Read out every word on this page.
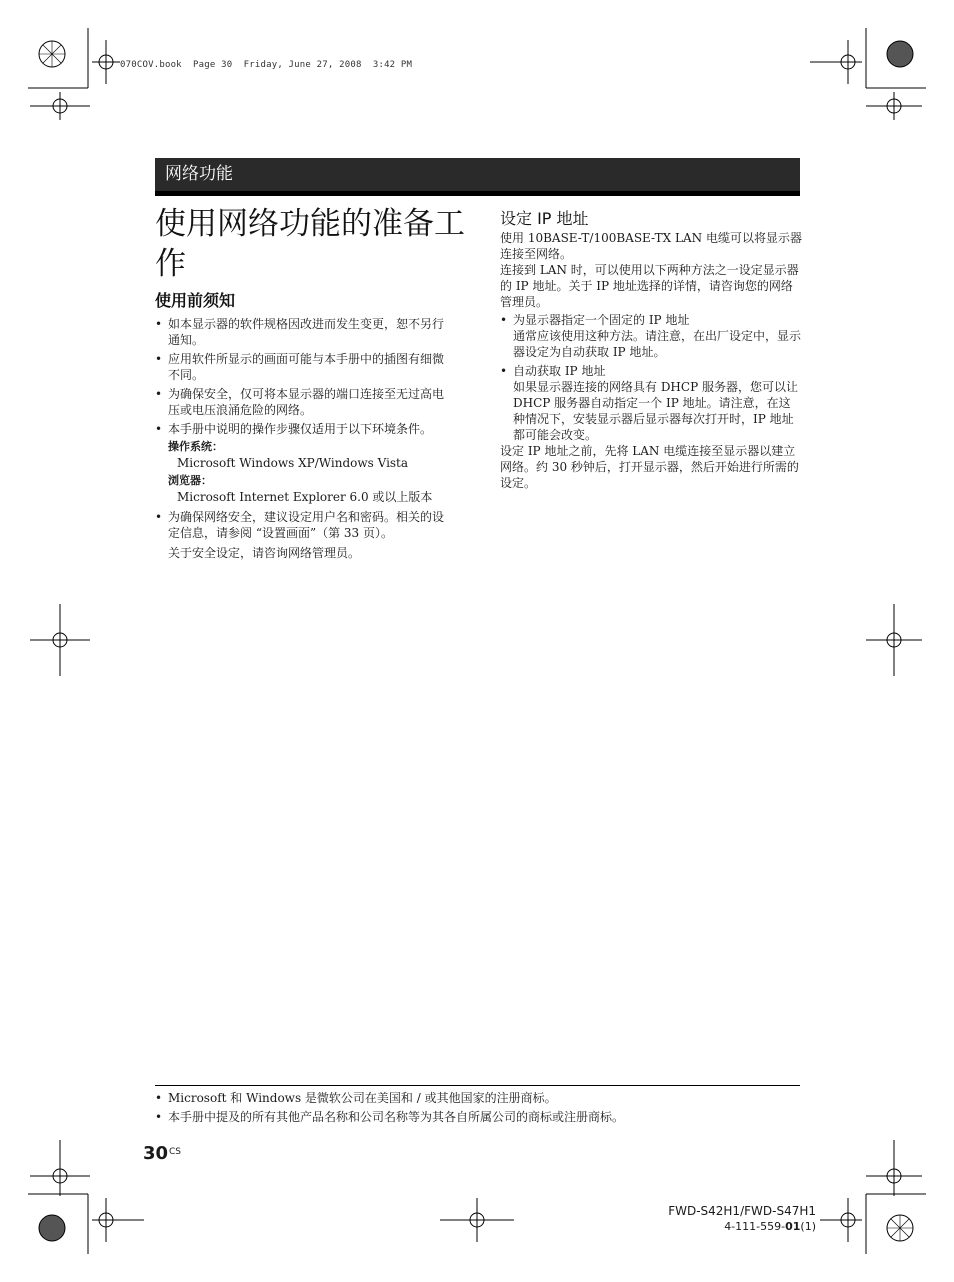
070COV.book  Page 30  Friday, June 27, 2008  3:42 PM
网络功能
使用网络功能的准备工作
使用前须知
• 如本显示器的软件规格因改进而发生变更，恕不另行通知。
• 应用软件所显示的画面可能与本手册中的插图有细微不同。
• 为确保安全，仅可将本显示器的端口连接至无过高电压或电压浪涌危险的网络。
• 本手册中说明的操作步骤仅适用于以下环境条件。
操作系统：
Microsoft Windows XP/Windows Vista
浏览器：
Microsoft Internet Explorer 6.0 或以上版本
• 为确保网络安全，建议设定用户名和密码。相关的设定信息，请参阅 “设置画面”（第 33 页）。
关于安全设定，请咨询网络管理员。
设定 IP 地址

使用 10BASE-T/100BASE-TX LAN 电缆可以将显示器连接至网络。

连接到 LAN 时，可以使用以下两种方法之一设定显示器的 IP 地址。关于 IP 地址选择的详情，请咨询您的网络管理员。

• 为显示器指定一个固定的 IP 地址
通常应该使用这种方法。请注意，在出厂设定中，显示器设定为自动获取 IP 地址。
• 自动获取 IP 地址
如果显示器连接的网络具有 DHCP 服务器，您可以让 DHCP 服务器自动指定一个 IP 地址。请注意，在这种情况下，安装显示器后显示器每次打开时，IP 地址都可能会改变。

设定 IP 地址之前，先将 LAN 电缆连接至显示器以建立网络。约 30 秒钟后，打开显示器，然后开始进行所需的设定。

• Microsoft 和 Windows 是微软公司在美国和 / 或其他国家的注册商标。
• 本手册中提及的所有其他产品名称和公司名称等为其各自所属公司的商标或注册商标。
30 CS
FWD-S42H1/FWD-S47H1
4-111-559-01(1)
